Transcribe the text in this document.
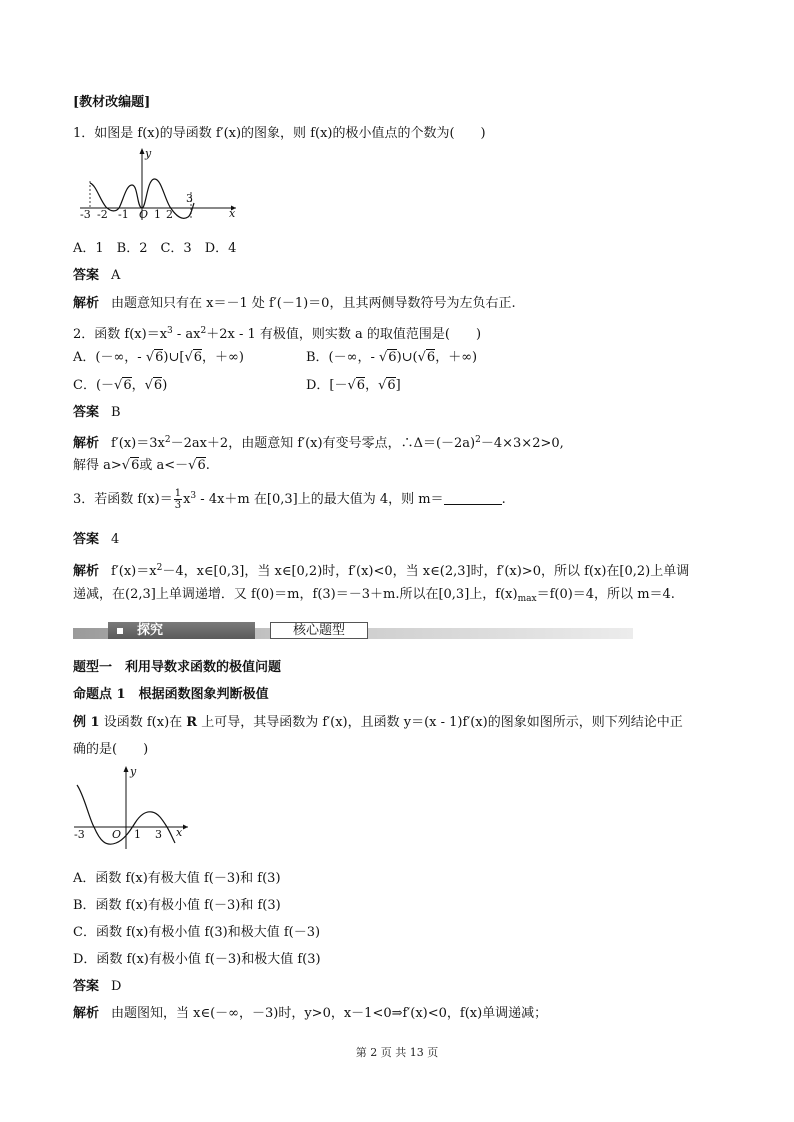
[教材改编题]
1．如图是 f(x)的导函数 f′(x)的图象，则 f(x)的极小值点的个数为(　　)
y
3
-3 -2 -1 O 1 2	x
A．1　B．2　C．3　D．4
答案 A
解析 由题意知只有在 x＝－1 处 f′(－1)＝0，且其两侧导数符号为左负右正.
2．函数 $f(x)=x^3 - ax^2+2x - 1$ 有极值，则实数 a 的取值范围是(　　)
A．(－∞，- √6)∪[√6，＋∞)	B．(－∞，- √6)∪(√6，＋∞)
C．(－√6，√6)	D．[－√6，√6]
答案 B
解析 $f'(x)=3x^2-2ax+2$，由题意知 f′(x)有变号零点，$\therefore\Delta=(-2a)^2-4\times 3\times 2>0$,
解得 a>√6或 a<－√6.
3．若函数 $f(x)= \frac{1}{3} x^3 - 4x+m$ 在[0,3]上的最大值为 4，则 m＝	.
答案 4
解析 $f'(x)=x^2-4$，x∈[0,3]，当 x∈[0,2)时，f′(x)<0，当 x∈(2,3]时，f′(x)>0，所以 f(x)在[0,2)上单调
递减，在(2,3]上单调递增．又 f(0)＝m，f(3)＝－3＋m.所以在[0,3]上，$f(x)_{max}=f(0)=4$，所以 m＝4.
探究	核心题型
题型一　利用导数求函数的极值问题
命题点 1　根据函数图象判断极值
例 1 设函数 f(x)在 R 上可导，其导函数为 f′(x)，且函数 y＝(x - 1)f′(x)的图象如图所示，则下列结论中正
确的是(　　)
y
-3 O 1 3 x
A．函数 f(x)有极大值 f(－3)和 f(3)
B．函数 f(x)有极小值 f(－3)和 f(3)
C．函数 f(x)有极小值 f(3)和极大值 f(－3)
D．函数 f(x)有极小值 f(－3)和极大值 f(3)
答案 D
解析 由题图知，当 x∈(－∞，－3)时，y>0，x－1<0⇒f′(x)<0，f(x)单调递减；
第 2 页 共 13 页
